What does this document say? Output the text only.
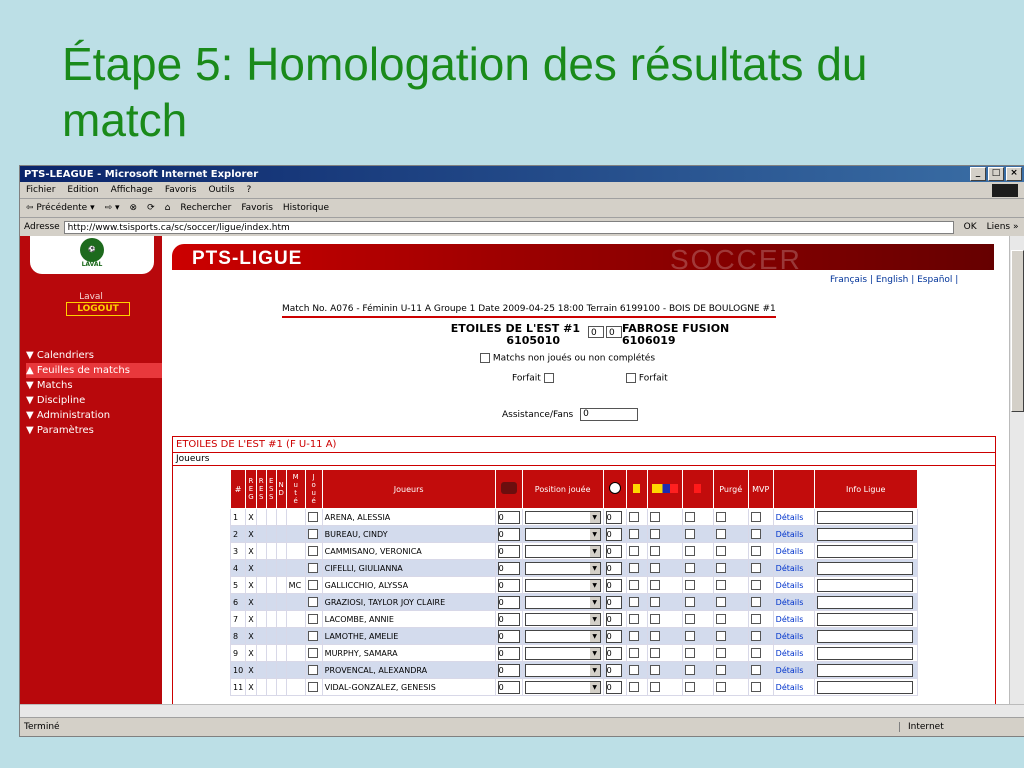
Étape 5: Homologation des résultats du match
PTS-LEAGUE - Microsoft Internet Explorer	_	□	×
Fichier Edition Affichage Favoris Outils ?
⇦ Précédente ▾ ⇨ ▾ ⊗ ⟳ ⌂ Rechercher Favoris Historique
Adresse http://www.tsisports.ca/sc/soccer/ligue/index.htm	OK Liens »
⚽
LAVAL
Laval
LOGOUT
▼ Calendriers
▲ Feuilles de matchs
▼ Matchs
▼ Discipline
▼ Administration
▼ Paramètres
PTS-LIGUE	SOCCER
Français | English | Español |
Match No. A076 - Féminin U-11 A Groupe 1 Date 2009-04-25 18:00 Terrain 6199100 - BOIS DE BOULOGNE #1
ETOILES DE L'EST #1
6105010
0	0 FABROSE FUSION
6106019
Matchs non joués ou non complétés
Forfait	Forfait
Assistance/Fans 0
ETOILES DE L'EST #1 (F U-11 A)
Joueurs
#	R
E
G	R
E
S	E
S
S	N
D	M
u
t
é	J
o
u
é	Joueurs		Position jouée					Purgé	MVP		Info Ligue
1	X						ARENA, ALESSIA	0	▼	0						Détails	
2	X						BUREAU, CINDY	0	▼	0						Détails	
3	X						CAMMISANO, VERONICA	0	▼	0						Détails	
4	X						CIFELLI, GIULIANNA	0	▼	0						Détails	
5	X				MC		GALLICCHIO, ALYSSA	0	▼	0						Détails	
6	X						GRAZIOSI, TAYLOR JOY CLAIRE	0	▼	0						Détails	
7	X						LACOMBE, ANNIE	0	▼	0						Détails	
8	X						LAMOTHE, AMELIE	0	▼	0						Détails	
9	X						MURPHY, SAMARA	0	▼	0						Détails	
10	X						PROVENCAL, ALEXANDRA	0	▼	0						Détails	
11	X						VIDAL-GONZALEZ, GENESIS	0	▼	0						Détails	
Terminé	Internet
